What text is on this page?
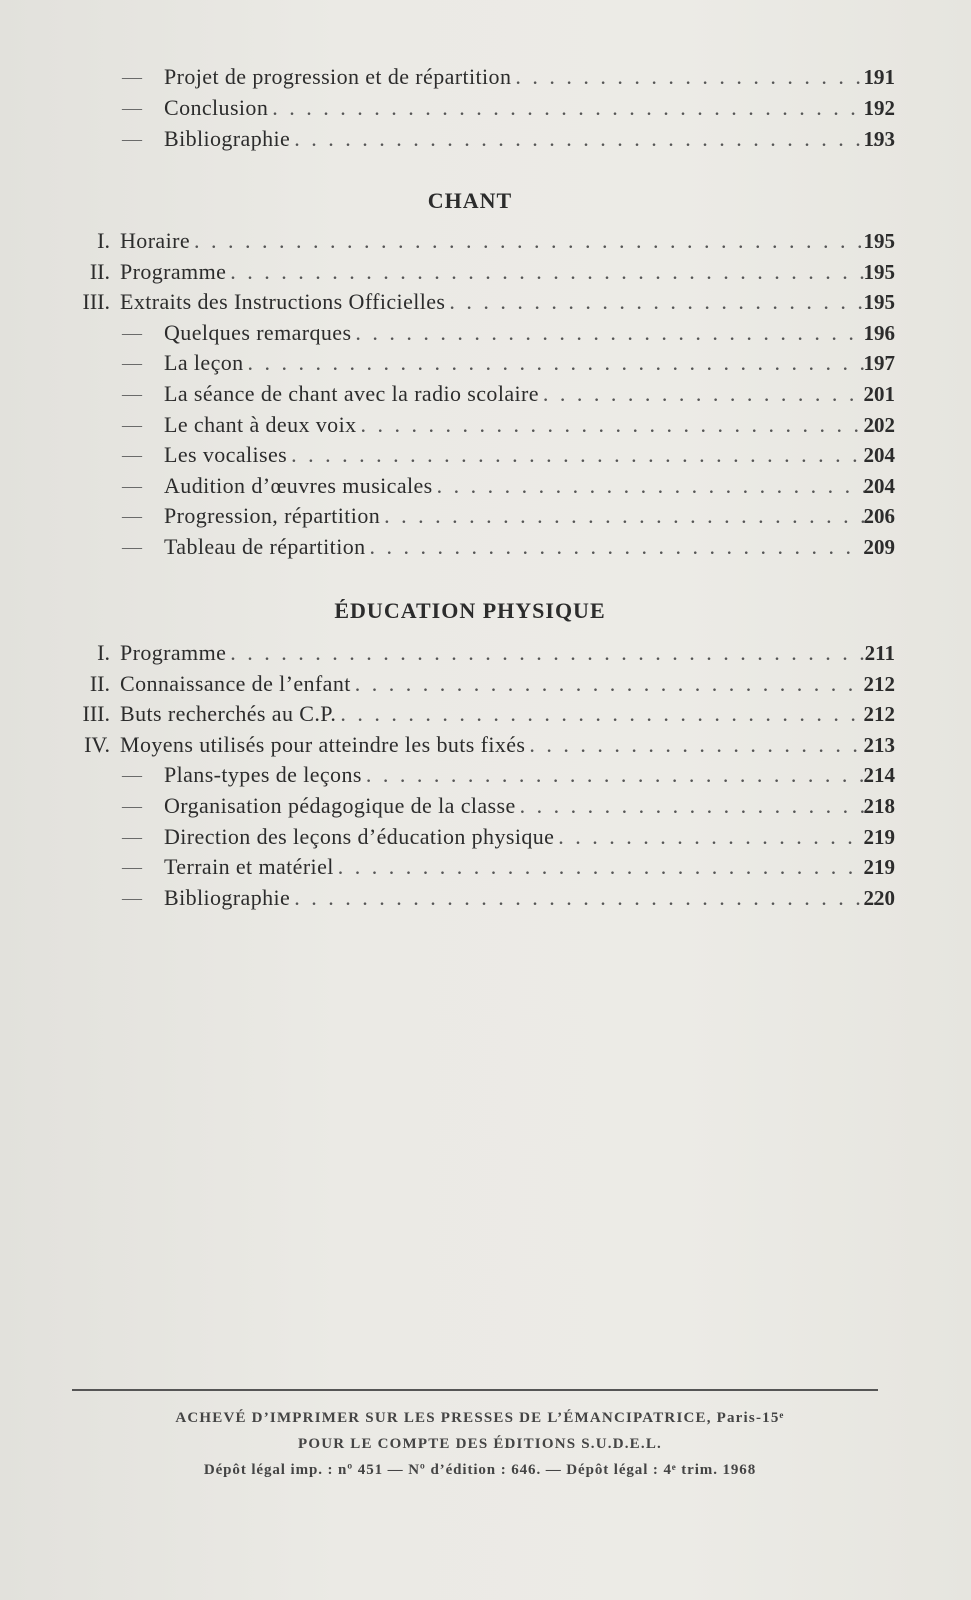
— Projet de progression et de répartition . . .	191
— Conclusion . . .	192
— Bibliographie . . .	193
CHANT
I. Horaire . . .	195
II. Programme . . .	195
III. Extraits des Instructions Officielles . . .	195
— Quelques remarques . . .	196
— La leçon . . .	197
— La séance de chant avec la radio scolaire . . .	201
— Le chant à deux voix . . .	202
— Les vocalises . . .	204
— Audition d’œuvres musicales . . .	204
— Progression, répartition . . .	206
— Tableau de répartition . . .	209
ÉDUCATION PHYSIQUE
I. Programme . . .	211
II. Connaissance de l’enfant . . .	212
III. Buts recherchés au C.P. . . .	212
IV. Moyens utilisés pour atteindre les buts fixés . . .	213
— Plans-types de leçons . . .	214
— Organisation pédagogique de la classe . . .	218
— Direction des leçons d’éducation physique . . .	219
— Terrain et matériel . . .	219
— Bibliographie . . .	220
ACHEVÉ D’IMPRIMER SUR LES PRESSES DE L’ÉMANCIPATRICE, Paris-15ᵉ
POUR LE COMPTE DES ÉDITIONS S.U.D.E.L.
Dépôt légal imp. : nº 451 — Nº d’édition : 646. — Dépôt légal : 4ᵉ trim. 1968
